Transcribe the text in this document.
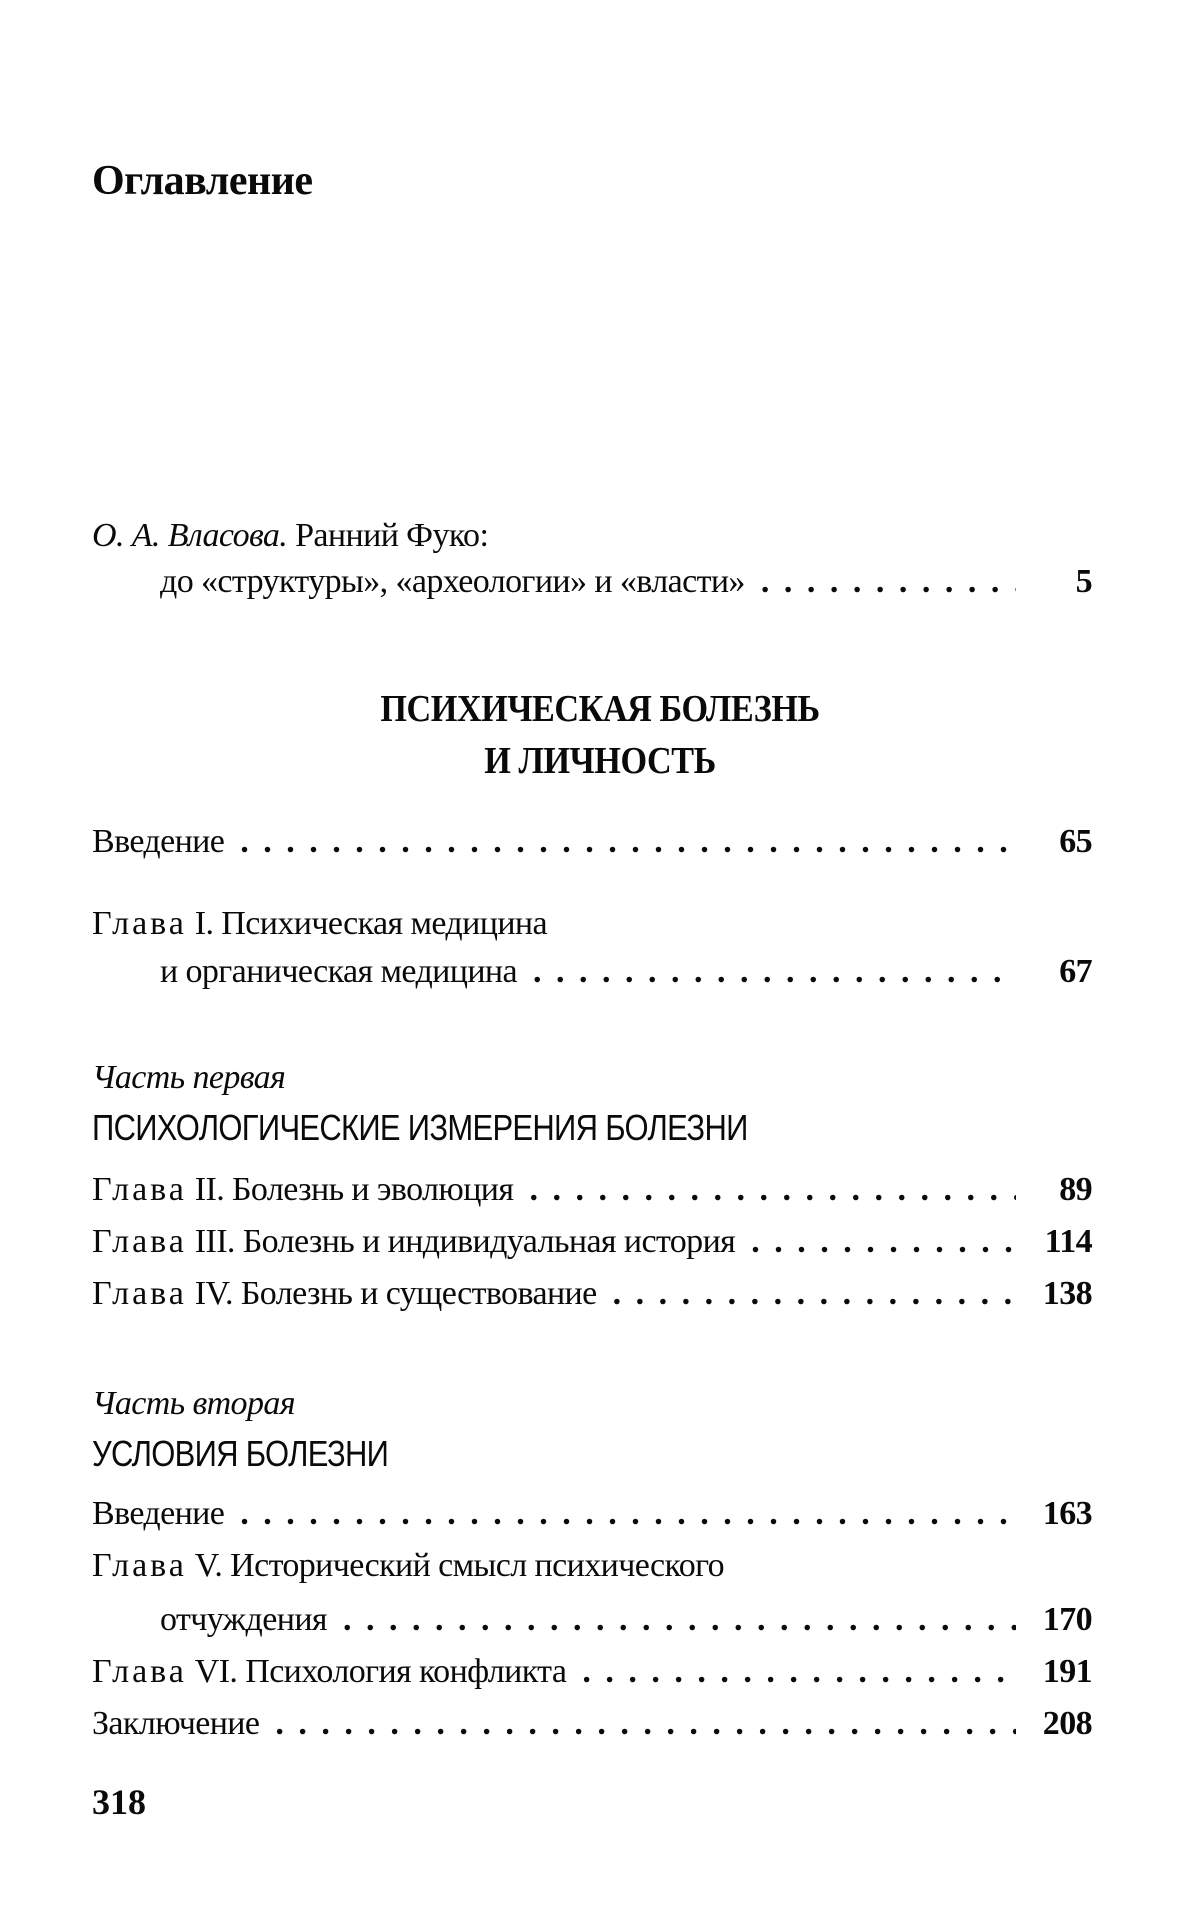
Оглавление
О. А. Власова. Ранний Фуко:
до «структуры», «археологии» и «власти» . . .	5
ПСИХИЧЕСКАЯ БОЛЕЗНЬ
И ЛИЧНОСТЬ
Введение . . .	65
Глава I. Психическая медицина
и органическая медицина . . .	67
Часть первая
ПСИХОЛОГИЧЕСКИЕ ИЗМЕРЕНИЯ БОЛЕЗНИ
Глава II. Болезнь и эволюция . . .	89
Глава III. Болезнь и индивидуальная история . . .	114
Глава IV. Болезнь и существование . . .	138
Часть вторая
УСЛОВИЯ БОЛЕЗНИ
Введение . . .	163
Глава V. Исторический смысл психического
отчуждения . . .	170
Глава VI. Психология конфликта . . .	191
Заключение . . .	208
318
